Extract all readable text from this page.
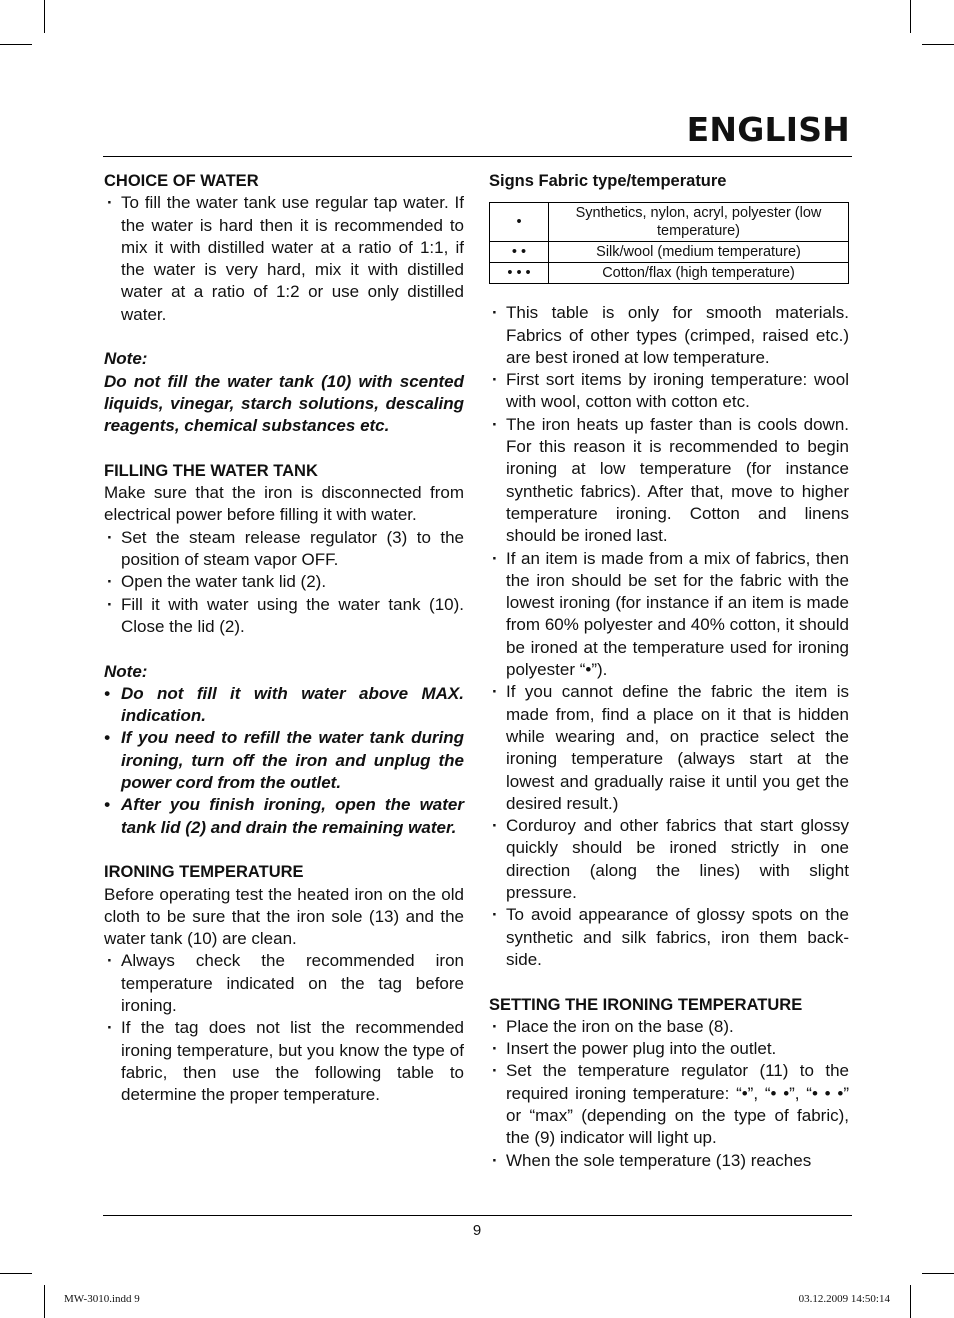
ENGLISH
CHOICE OF WATER
· To fill the water tank use regular tap water. If the water is hard then it is recommended to mix it with distilled water at a ratio of 1:1, if the water is very hard, mix it with distilled water at a ratio of 1:2 or use only distilled water.
Note:
Do not fill the water tank (10) with scented liquids, vinegar, starch solutions, descaling reagents, chemical substances etc.
FILLING THE WATER TANK

Make sure that the iron is disconnected from electrical power before filling it with water.

· Set the steam release regulator (3) to the position of steam vapor OFF.
· Open the water tank lid (2).
· Fill it with water using the water tank (10). Close the lid (2).
Note:
• Do not fill it with water above MAX. indication.
• If you need to refill the water tank during ironing, turn off the iron and unplug the power cord from the outlet.
• After you finish ironing, open the water tank lid (2) and drain the remaining water.
IRONING TEMPERATURE

Before operating test the heated iron on the old cloth to be sure that the iron sole (13) and the water tank (10) are clean.

· Always check the recommended iron temperature indicated on the tag before ironing.
· If the tag does not list the recommended ironing temperature, but you know the type of fabric, then use the following table to determine the proper temperature.
Signs Fabric type/temperature
•	Synthetics, nylon, acryl, polyester (low temperature)
• •	Silk/wool (medium temperature)
• • •	Cotton/flax (high temperature)
· This table is only for smooth materials. Fabrics of other types (crimped, raised etc.) are best ironed at low temperature.
· First sort items by ironing temperature: wool with wool, cotton with cotton etc.
· The iron heats up faster than is cools down. For this reason it is recommended to begin ironing at low temperature (for instance synthetic fabrics). After that, move to higher temperature ironing. Cotton and linens should be ironed last.
· If an item is made from a mix of fabrics, then the iron should be set for the fabric with the lowest ironing (for instance if an item is made from 60% polyester and 40% cotton, it should be ironed at the temperature used for ironing polyester “•”).
· If you cannot define the fabric the item is made from, find a place on it that is hidden while wearing and, on practice select the ironing temperature (always start at the lowest and gradually raise it until you get the desired result.)
· Corduroy and other fabrics that start glossy quickly should be ironed strictly in one direction (along the lines) with slight pressure.
· To avoid appearance of glossy spots on the synthetic and silk fabrics, iron them back-side.
SETTING THE IRONING TEMPERATURE
· Place the iron on the base (8).
· Insert the power plug into the outlet.
· Set the temperature regulator (11) to the required ironing temperature: “•”, “• •”, “• • •” or “max” (depending on the type of fabric), the (9) indicator will light up.
· When the sole temperature (13) reaches
9
MW-3010.indd 9	03.12.2009 14:50:14
